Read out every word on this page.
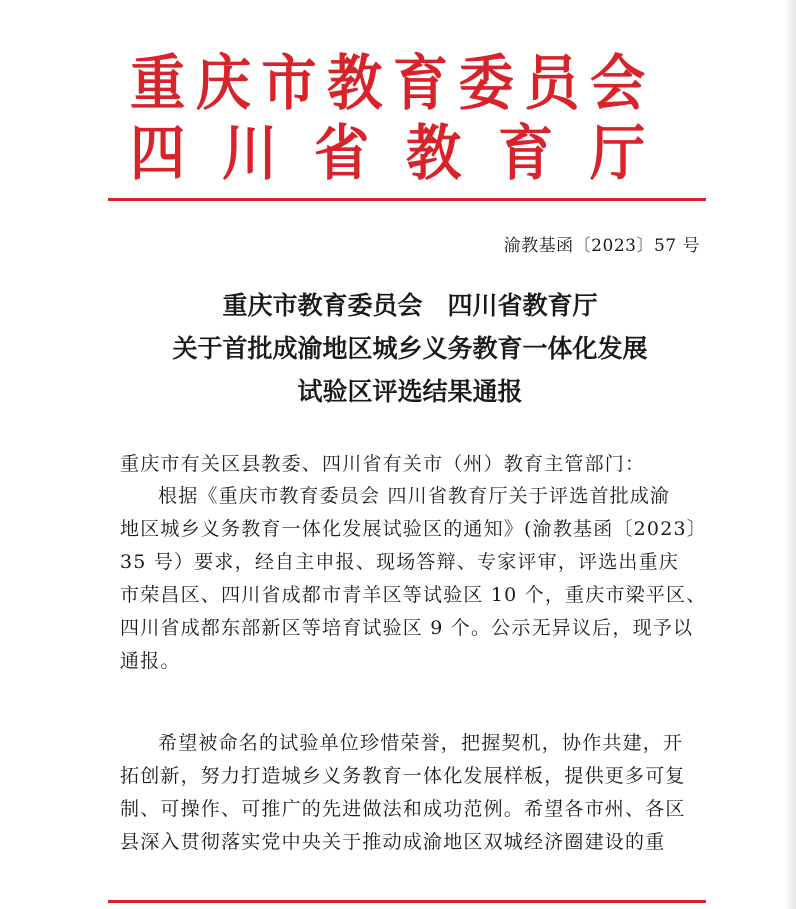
重 庆 市 教 育 委 员 会
四 川 省 教 育 厅
渝教基函〔2023〕57 号
重庆市教育委员会　四川省教育厅
关于首批成渝地区城乡义务教育一体化发展
试验区评选结果通报
重庆市有关区县教委、四川省有关市（州）教育主管部门：
根据《重庆市教育委员会 四川省教育厅关于评选首批成渝
地区城乡义务教育一体化发展试验区的通知》(渝教基函〔2023〕
35 号）要求，经自主申报、现场答辩、专家评审，评选出重庆
市荣昌区、四川省成都市青羊区等试验区 10 个，重庆市梁平区、
四川省成都东部新区等培育试验区 9 个。公示无异议后，现予以
通报。
希望被命名的试验单位珍惜荣誉，把握契机，协作共建，开
拓创新，努力打造城乡义务教育一体化发展样板，提供更多可复
制、可操作、可推广的先进做法和成功范例。希望各市州、各区
县深入贯彻落实党中央关于推动成渝地区双城经济圈建设的重
